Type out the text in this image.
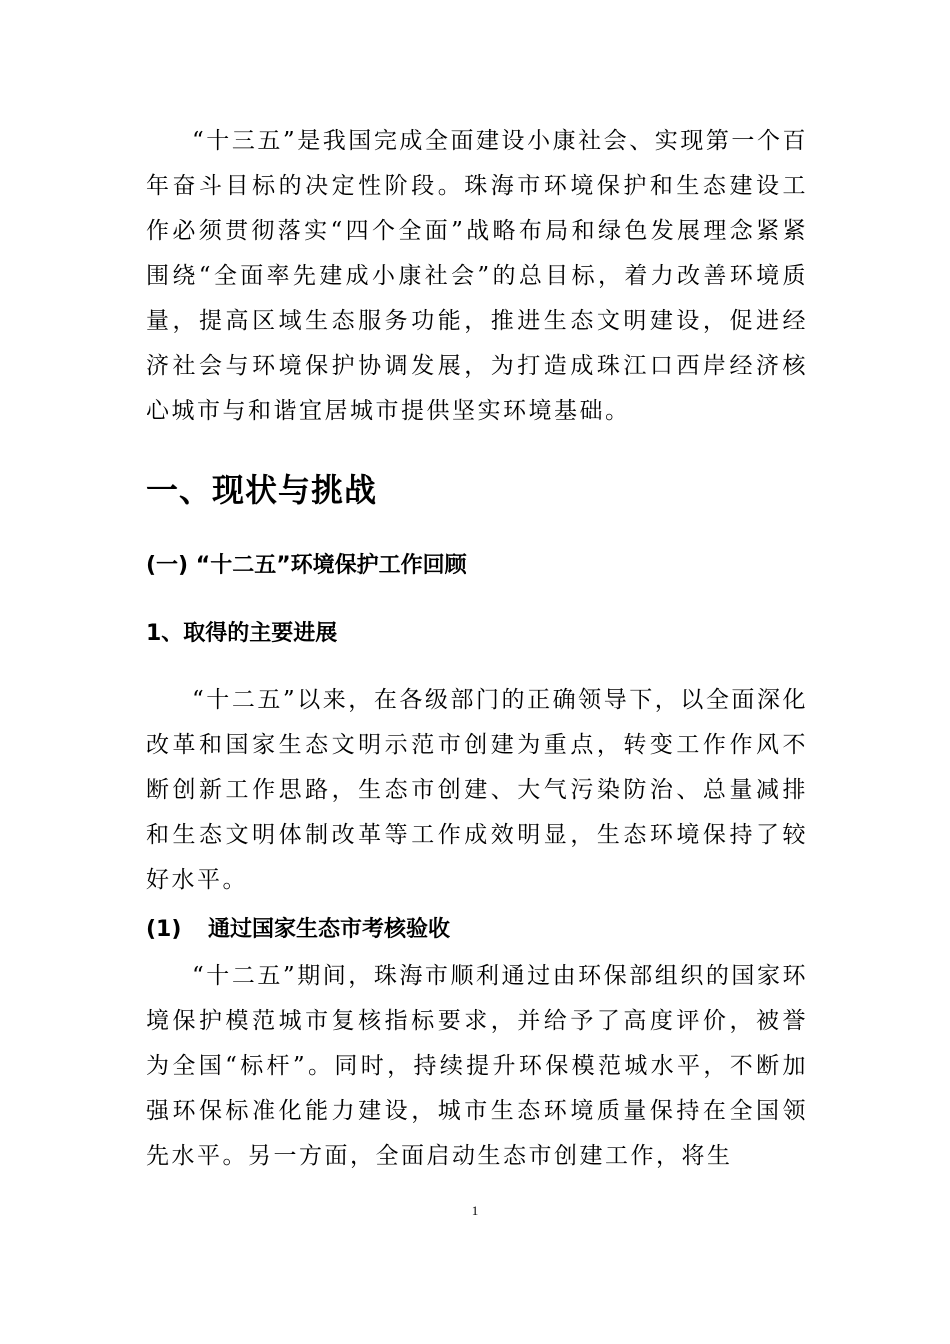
“十三五”是我国完成全面建设小康社会、实现第一个百年奋斗目标的决定性阶段。珠海市环境保护和生态建设工作必须贯彻落实“四个全面”战略布局和绿色发展理念紧紧围绕“全面率先建成小康社会”的总目标，着力改善环境质量，提高区域生态服务功能，推进生态文明建设，促进经济社会与环境保护协调发展，为打造成珠江口西岸经济核心城市与和谐宜居城市提供坚实环境基础。

一、现状与挑战
(一) “十二五”环境保护工作回顾
1、取得的主要进展

“十二五”以来，在各级部门的正确领导下，以全面深化改革和国家生态文明示范市创建为重点，转变工作作风不断创新工作思路，生态市创建、大气污染防治、总量减排和生态文明体制改革等工作成效明显，生态环境保持了较好水平。

(1)	通过国家生态市考核验收

“十二五”期间，珠海市顺利通过由环保部组织的国家环境保护模范城市复核指标要求，并给予了高度评价，被誉为全国“标杆”。同时，持续提升环保模范城水平，不断加强环保标准化能力建设，城市生态环境质量保持在全国领先水平。另一方面，全面启动生态市创建工作，将生

1
